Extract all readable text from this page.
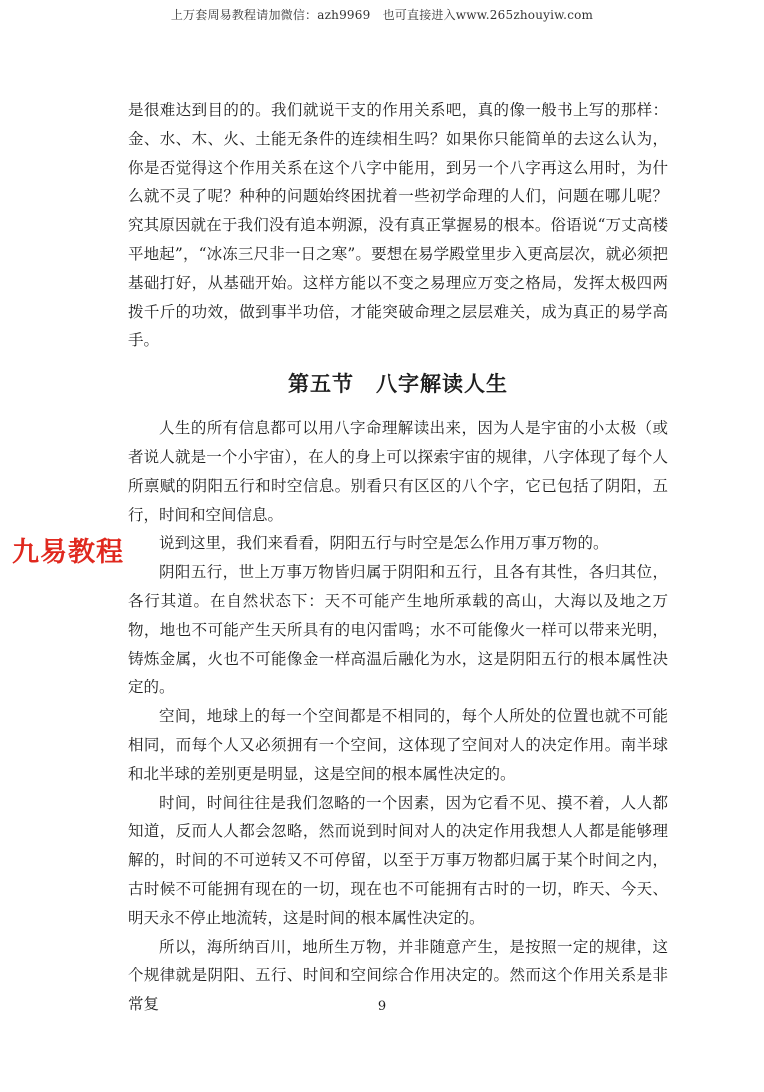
上万套周易教程请加微信：azh9969　也可直接进入www.265zhouyiw.com
九易教程

是很难达到目的的。我们就说干支的作用关系吧，真的像一般书上写的那样：金、水、木、火、土能无条件的连续相生吗？如果你只能简单的去这么认为，你是否觉得这个作用关系在这个八字中能用，到另一个八字再这么用时，为什么就不灵了呢？种种的问题始终困扰着一些初学命理的人们，问题在哪儿呢？究其原因就在于我们没有追本朔源，没有真正掌握易的根本。俗语说“万丈高楼平地起”，“冰冻三尺非一日之寒”。要想在易学殿堂里步入更高层次，就必须把基础打好，从基础开始。这样方能以不变之易理应万变之格局，发挥太极四两拨千斤的功效，做到事半功倍，才能突破命理之层层难关，成为真正的易学高手。

第五节　八字解读人生

人生的所有信息都可以用八字命理解读出来，因为人是宇宙的小太极（或者说人就是一个小宇宙），在人的身上可以探索宇宙的规律，八字体现了每个人所禀赋的阴阳五行和时空信息。别看只有区区的八个字，它已包括了阴阳，五行，时间和空间信息。

说到这里，我们来看看，阴阳五行与时空是怎么作用万事万物的。

阴阳五行，世上万事万物皆归属于阴阳和五行，且各有其性，各归其位，各行其道。在自然状态下：天不可能产生地所承载的高山，大海以及地之万物，地也不可能产生天所具有的电闪雷鸣；水不可能像火一样可以带来光明，铸炼金属，火也不可能像金一样高温后融化为水，这是阴阳五行的根本属性决定的。

空间，地球上的每一个空间都是不相同的，每个人所处的位置也就不可能相同，而每个人又必须拥有一个空间，这体现了空间对人的决定作用。南半球和北半球的差别更是明显，这是空间的根本属性决定的。

时间，时间往往是我们忽略的一个因素，因为它看不见、摸不着，人人都知道，反而人人都会忽略，然而说到时间对人的决定作用我想人人都是能够理解的，时间的不可逆转又不可停留，以至于万事万物都归属于某个时间之内，古时候不可能拥有现在的一切，现在也不可能拥有古时的一切，昨天、今天、明天永不停止地流转，这是时间的根本属性决定的。

所以，海所纳百川，地所生万物，并非随意产生，是按照一定的规律，这个规律就是阴阳、五行、时间和空间综合作用决定的。然而这个作用关系是非常复	9
